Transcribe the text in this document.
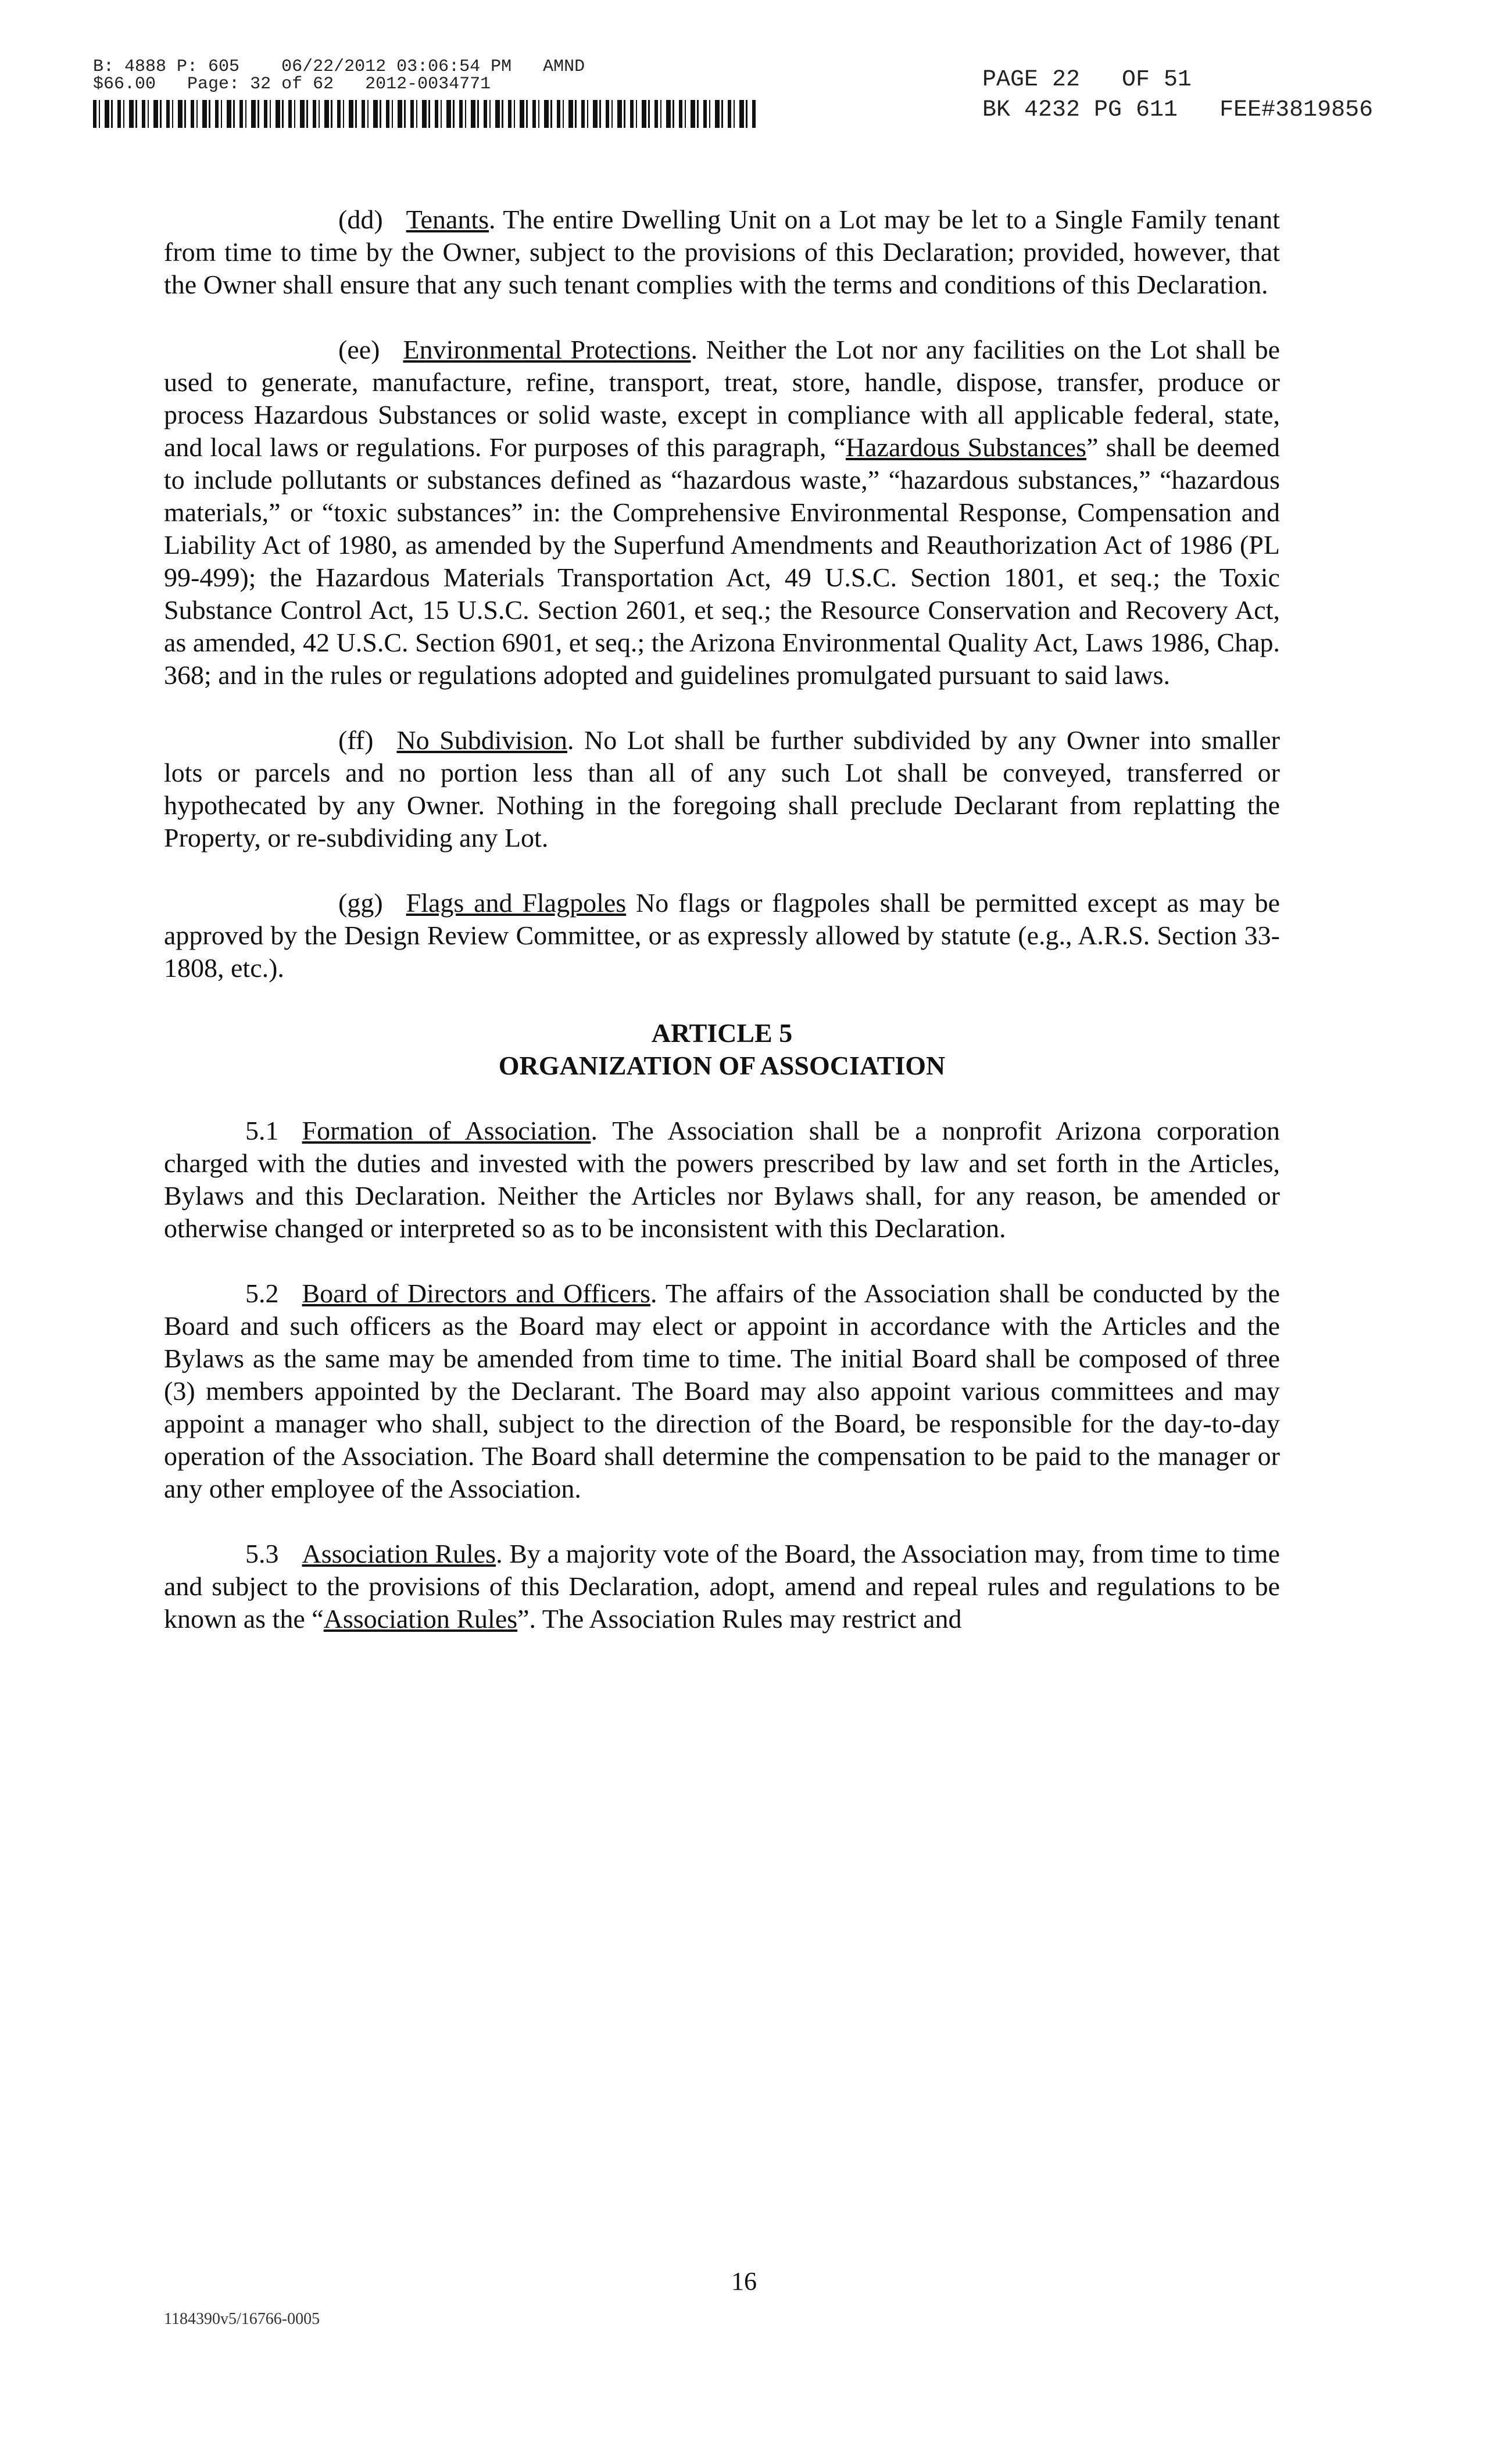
B: 4888 P: 605 06/22/2012 03:06:54 PM AMND
$66.00 Page: 32 of 62 2012-0034771	PAGE 22   OF 51
BK 4232 PG 611   FEE#3819856

(dd) Tenants. The entire Dwelling Unit on a Lot may be let to a Single Family tenant from time to time by the Owner, subject to the provisions of this Declaration; provided, however, that the Owner shall ensure that any such tenant complies with the terms and conditions of this Declaration.

(ee) Environmental Protections. Neither the Lot nor any facilities on the Lot shall be used to generate, manufacture, refine, transport, treat, store, handle, dispose, transfer, produce or process Hazardous Substances or solid waste, except in compliance with all applicable federal, state, and local laws or regulations. For purposes of this paragraph, “Hazardous Substances” shall be deemed to include pollutants or substances defined as “hazardous waste,” “hazardous substances,” “hazardous materials,” or “toxic substances” in: the Comprehensive Environmental Response, Compensation and Liability Act of 1980, as amended by the Superfund Amendments and Reauthorization Act of 1986 (PL 99-499); the Hazardous Materials Transportation Act, 49 U.S.C. Section 1801, et seq.; the Toxic Substance Control Act, 15 U.S.C. Section 2601, et seq.; the Resource Conservation and Recovery Act, as amended, 42 U.S.C. Section 6901, et seq.; the Arizona Environmental Quality Act, Laws 1986, Chap. 368; and in the rules or regulations adopted and guidelines promulgated pursuant to said laws.

(ff) No Subdivision. No Lot shall be further subdivided by any Owner into smaller lots or parcels and no portion less than all of any such Lot shall be conveyed, transferred or hypothecated by any Owner. Nothing in the foregoing shall preclude Declarant from replatting the Property, or re-subdividing any Lot.

(gg) Flags and Flagpoles No flags or flagpoles shall be permitted except as may be approved by the Design Review Committee, or as expressly allowed by statute (e.g., A.R.S. Section 33-1808, etc.).

ARTICLE 5
ORGANIZATION OF ASSOCIATION

5.1 Formation of Association. The Association shall be a nonprofit Arizona corporation charged with the duties and invested with the powers prescribed by law and set forth in the Articles, Bylaws and this Declaration. Neither the Articles nor Bylaws shall, for any reason, be amended or otherwise changed or interpreted so as to be inconsistent with this Declaration.

5.2 Board of Directors and Officers. The affairs of the Association shall be conducted by the Board and such officers as the Board may elect or appoint in accordance with the Articles and the Bylaws as the same may be amended from time to time. The initial Board shall be composed of three (3) members appointed by the Declarant. The Board may also appoint various committees and may appoint a manager who shall, subject to the direction of the Board, be responsible for the day-to-day operation of the Association. The Board shall determine the compensation to be paid to the manager or any other employee of the Association.

5.3 Association Rules. By a majority vote of the Board, the Association may, from time to time and subject to the provisions of this Declaration, adopt, amend and repeal rules and regulations to be known as the “Association Rules”. The Association Rules may restrict and

16
1184390v5/16766-0005
